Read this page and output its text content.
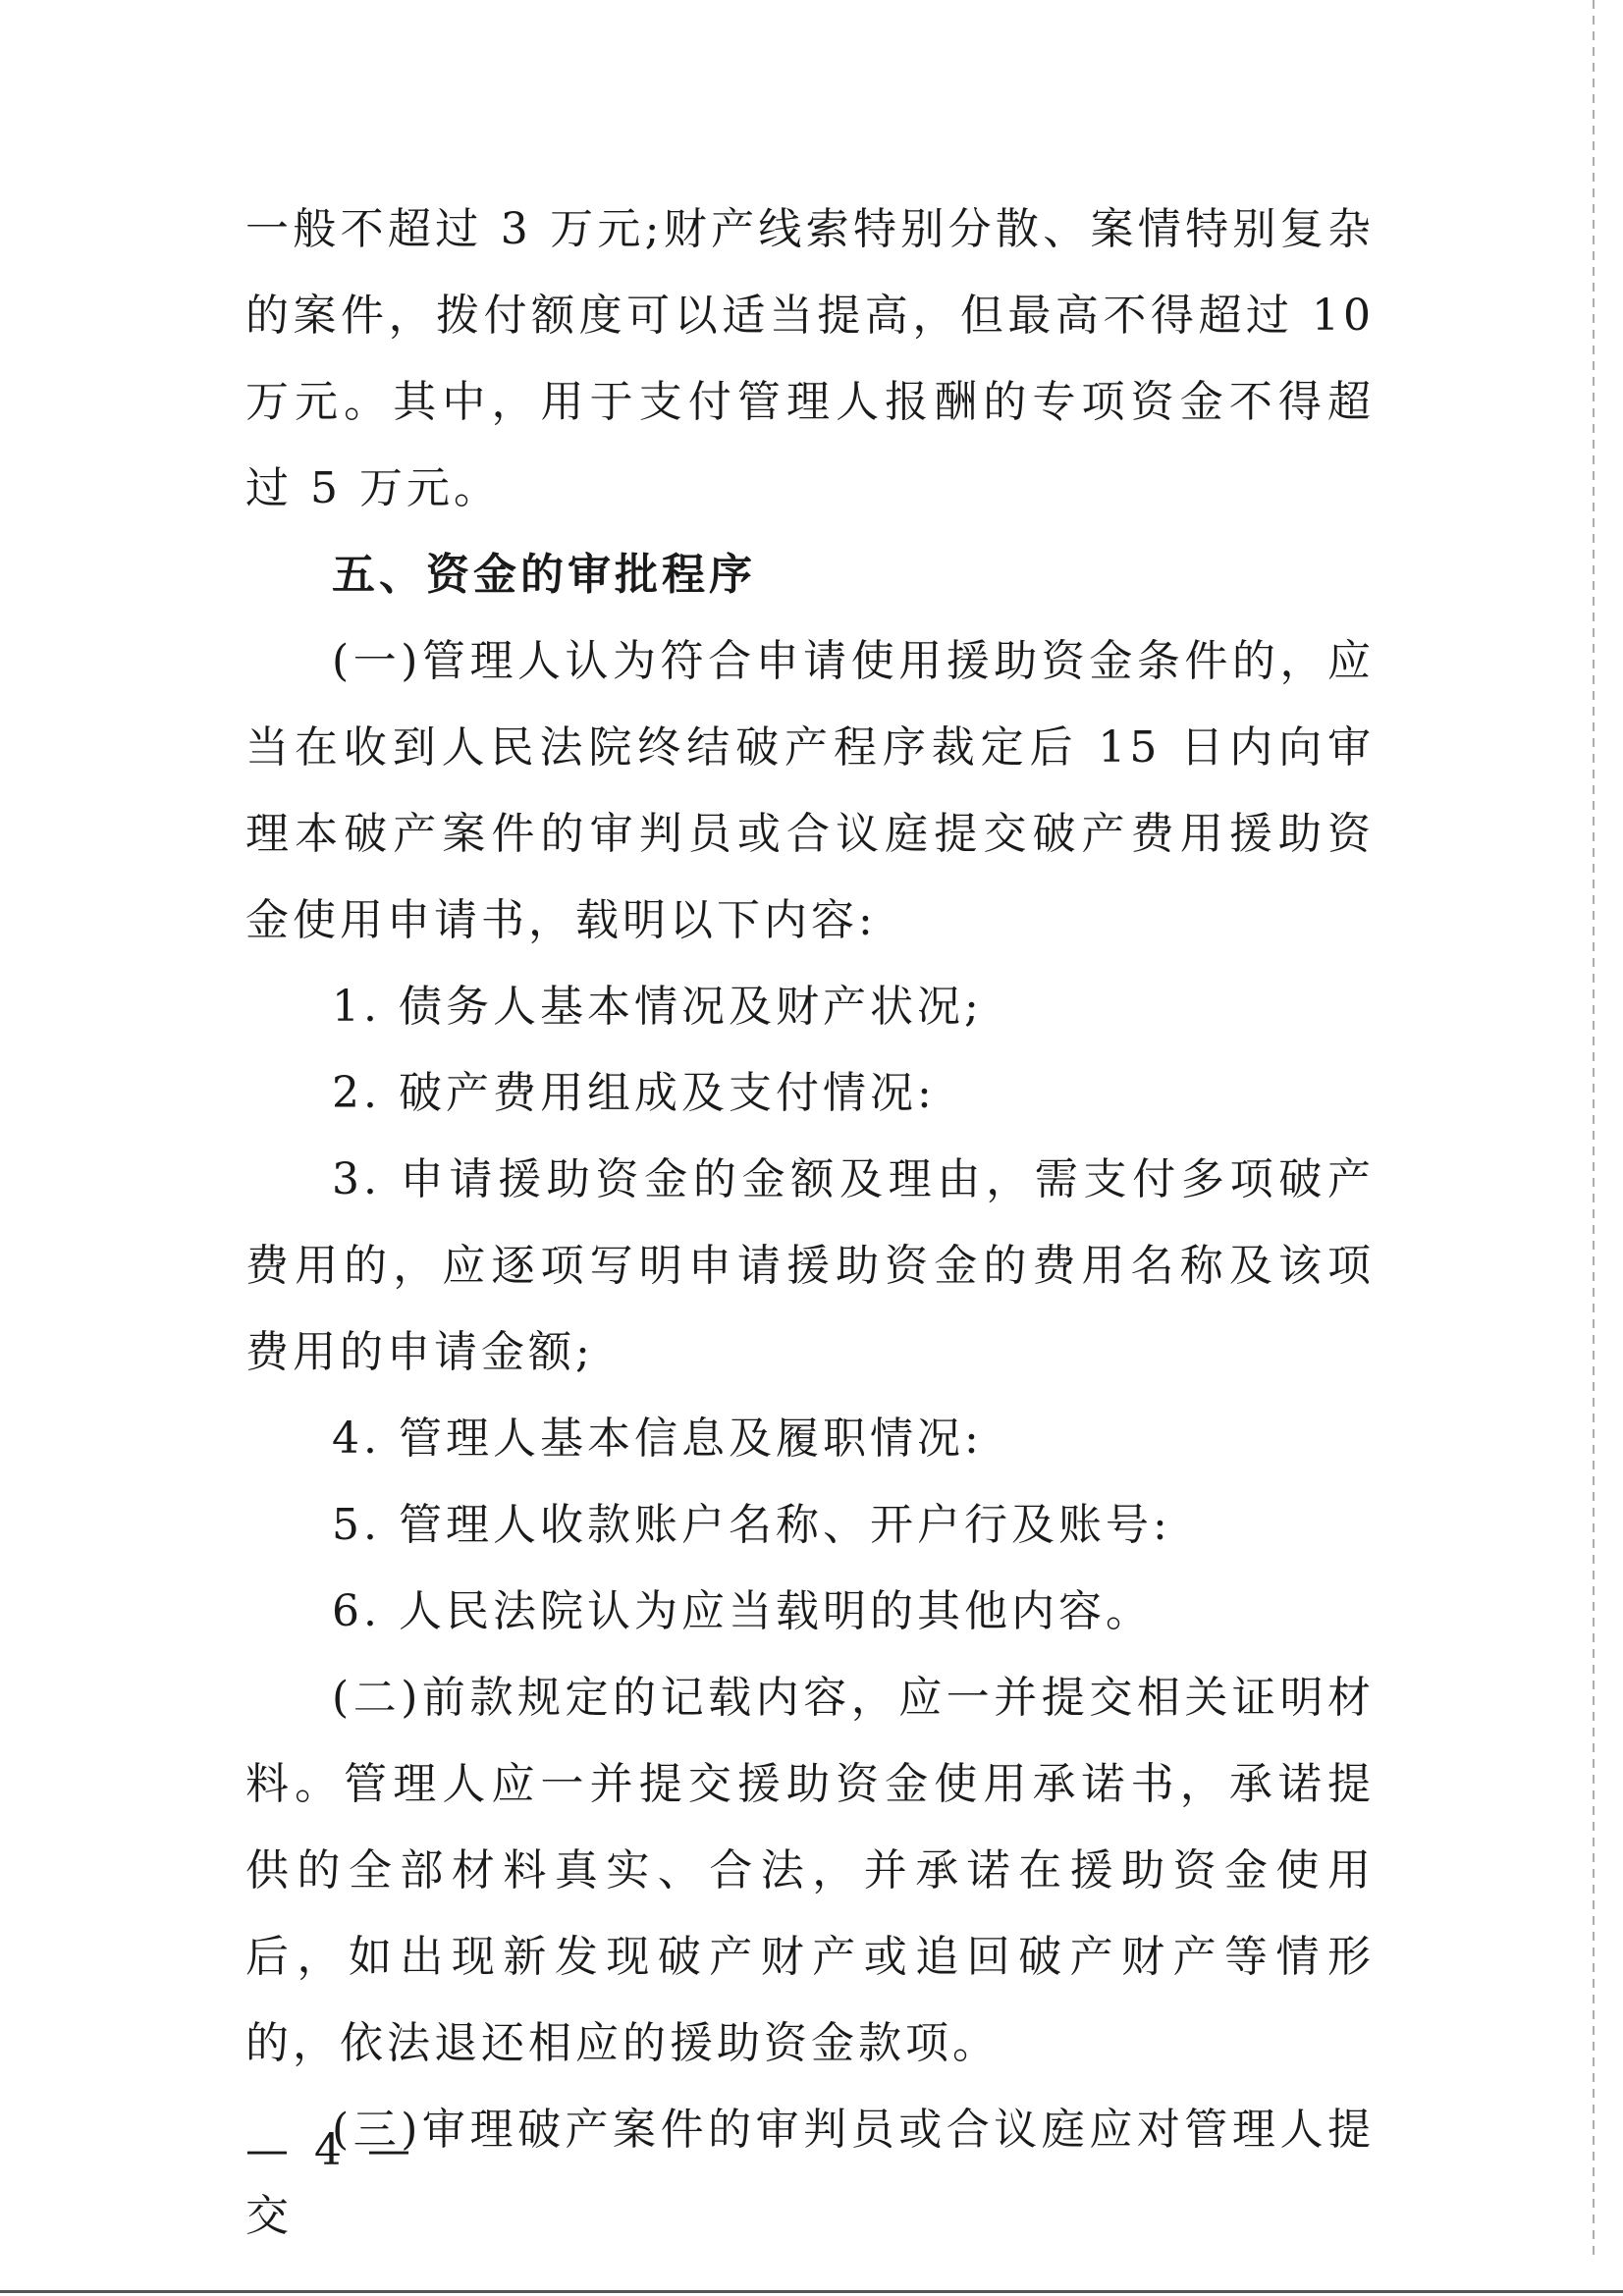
一般不超过 3 万元;财产线索特别分散、案情特别复杂的案件，拨付额度可以适当提高，但最高不得超过 10 万元。其中，用于支付管理人报酬的专项资金不得超过 5 万元。

五、资金的审批程序

(一)管理人认为符合申请使用援助资金条件的，应当在收到人民法院终结破产程序裁定后 15 日内向审理本破产案件的审判员或合议庭提交破产费用援助资金使用申请书，载明以下内容:

1. 债务人基本情况及财产状况;

2. 破产费用组成及支付情况:

3. 申请援助资金的金额及理由，需支付多项破产费用的，应逐项写明申请援助资金的费用名称及该项费用的申请金额;

4. 管理人基本信息及履职情况:

5. 管理人收款账户名称、开户行及账号:

6. 人民法院认为应当载明的其他内容。

(二)前款规定的记载内容，应一并提交相关证明材料。管理人应一并提交援助资金使用承诺书，承诺提供的全部材料真实、合法，并承诺在援助资金使用后，如出现新发现破产财产或追回破产财产等情形的，依法退还相应的援助资金款项。

(三)审理破产案件的审判员或合议庭应对管理人提交

— 4 —
